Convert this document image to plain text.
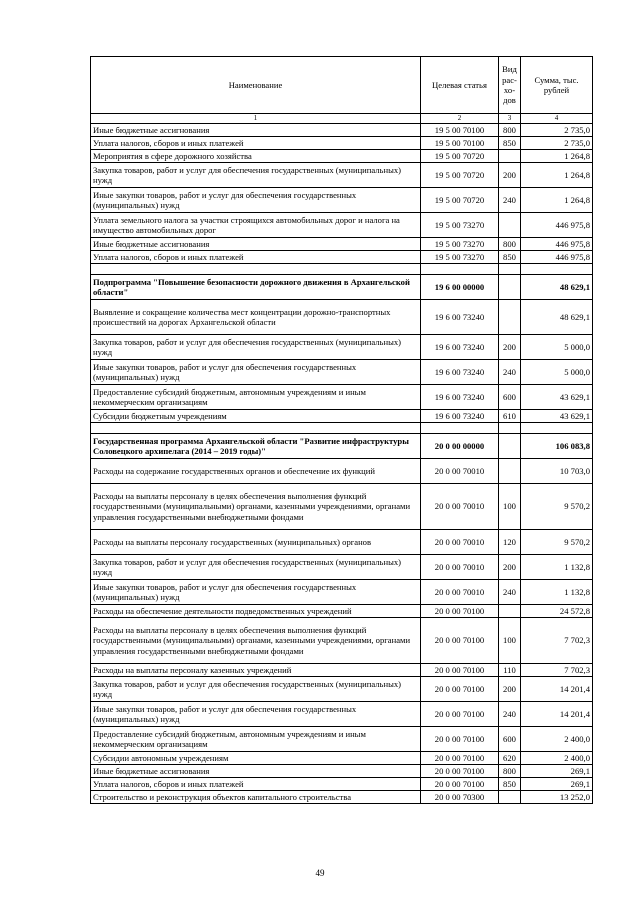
Наименование	Целевая статья	Вид рас- хо- дов	Сумма, тыс. рублей
1	2	3	4
Иные бюджетные ассигнования	19 5 00 70100	800	2 735,0
Уплата налогов, сборов и иных платежей	19 5 00 70100	850	2 735,0
Мероприятия в сфере дорожного хозяйства	19 5 00 70720		1 264,8
Закупка товаров, работ и услуг для обеспечения государственных (муниципальных) нужд	19 5 00 70720	200	1 264,8
Иные закупки товаров, работ и услуг для обеспечения государственных (муниципальных) нужд	19 5 00 70720	240	1 264,8
Уплата земельного налога за участки строящихся автомобильных дорог и налога на имущество автомобильных дорог	19 5 00 73270		446 975,8
Иные бюджетные ассигнования	19 5 00 73270	800	446 975,8
Уплата налогов, сборов и иных платежей	19 5 00 73270	850	446 975,8

Подпрограмма "Повышение безопасности дорожного движения в Архангельской области"	19 6 00 00000		48 629,1
Выявление и сокращение количества мест концентрации дорожно-транспортных происшествий на дорогах Архангельской области	19 6 00 73240		48 629,1
Закупка товаров, работ и услуг для обеспечения государственных (муниципальных) нужд	19 6 00 73240	200	5 000,0
Иные закупки товаров, работ и услуг для обеспечения государственных (муниципальных) нужд	19 6 00 73240	240	5 000,0
Предоставление субсидий бюджетным, автономным учреждениям и иным некоммерческим организациям	19 6 00 73240	600	43 629,1
Субсидии бюджетным учреждениям	19 6 00 73240	610	43 629,1

Государственная программа Архангельской области "Развитие инфраструктуры Соловецкого архипелага (2014 – 2019 годы)"	20 0 00 00000		106 083,8
Расходы на содержание государственных органов и обеспечение их функций	20 0 00 70010		10 703,0
Расходы на выплаты персоналу в целях обеспечения выполнения функций государственными (муниципальными) органами, казенными учреждениями, органами управления государственными внебюджетными фондами	20 0 00 70010	100	9 570,2
Расходы на выплаты персоналу государственных (муниципальных) органов	20 0 00 70010	120	9 570,2
Закупка товаров, работ и услуг для обеспечения государственных (муниципальных) нужд	20 0 00 70010	200	1 132,8
Иные закупки товаров, работ и услуг для обеспечения государственных (муниципальных) нужд	20 0 00 70010	240	1 132,8
Расходы на обеспечение деятельности подведомственных учреждений	20 0 00 70100		24 572,8
Расходы на выплаты персоналу в целях обеспечения выполнения функций государственными (муниципальными) органами, казенными учреждениями, органами управления государственными внебюджетными фондами	20 0 00 70100	100	7 702,3
Расходы на выплаты персоналу казенных учреждений	20 0 00 70100	110	7 702,3
Закупка товаров, работ и услуг для обеспечения государственных (муниципальных) нужд	20 0 00 70100	200	14 201,4
Иные закупки товаров, работ и услуг для обеспечения государственных (муниципальных) нужд	20 0 00 70100	240	14 201,4
Предоставление субсидий бюджетным, автономным учреждениям и иным некоммерческим организациям	20 0 00 70100	600	2 400,0
Субсидии автономным учреждениям	20 0 00 70100	620	2 400,0
Иные бюджетные ассигнования	20 0 00 70100	800	269,1
Уплата налогов, сборов и иных платежей	20 0 00 70100	850	269,1
Строительство и реконструкция объектов капитального строительства	20 0 00 70300		13 252,0
49
